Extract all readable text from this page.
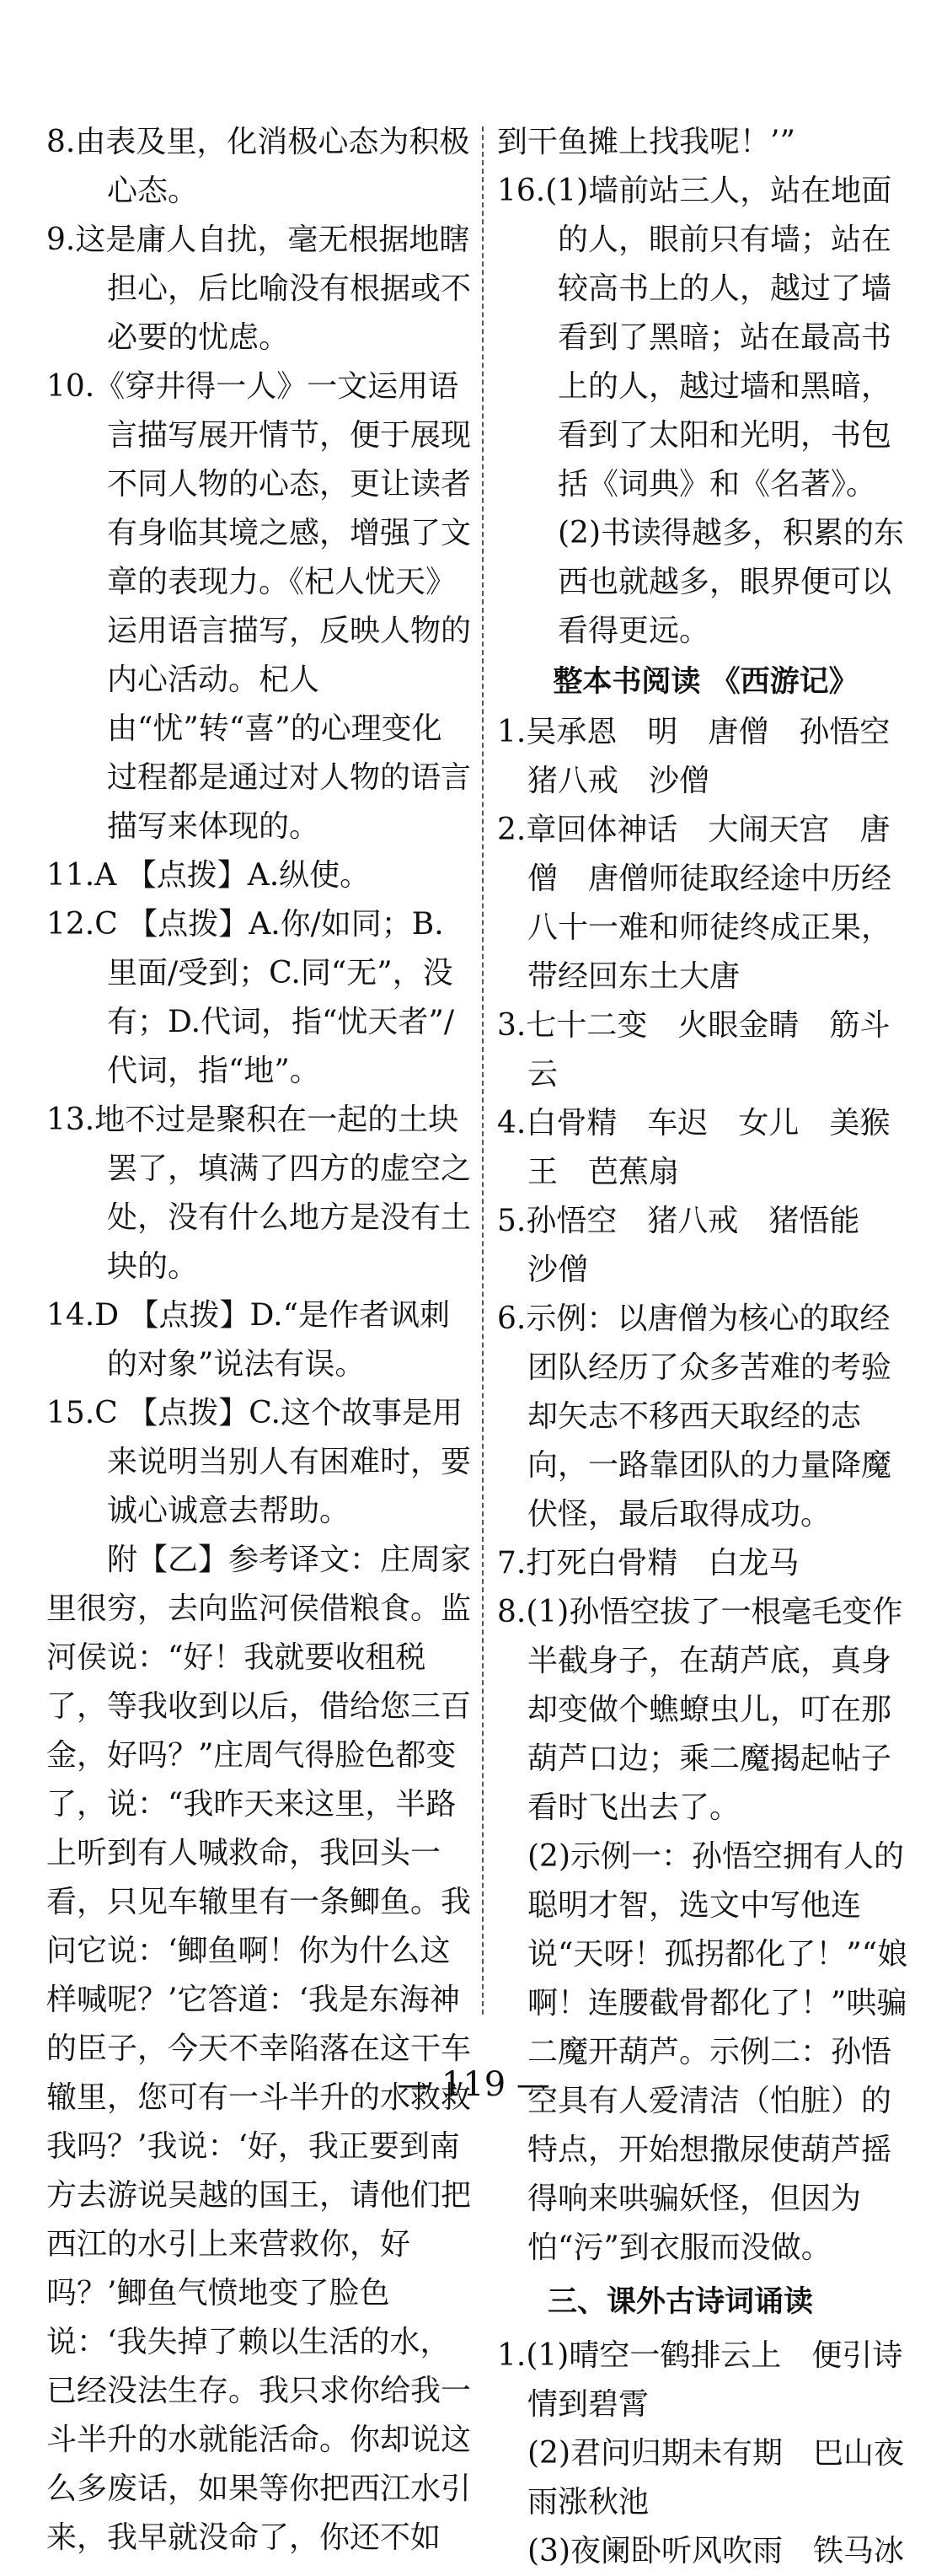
8.由表及里，化消极心态为积极心态。

9.这是庸人自扰，毫无根据地瞎担心，后比喻没有根据或不必要的忧虑。

10.《穿井得一人》一文运用语言描写展开情节，便于展现不同人物的心态，更让读者有身临其境之感，增强了文章的表现力。《杞人忧天》运用语言描写，反映人物的内心活动。杞人由“忧”转“喜”的心理变化过程都是通过对人物的语言描写来体现的。

11.A 【点拨】A.纵使。

12.C 【点拨】A.你/如同；B.里面/受到；C.同“无”，没有；D.代词，指“忧天者”/代词，指“地”。

13.地不过是聚积在一起的土块罢了，填满了四方的虚空之处，没有什么地方是没有土块的。

14.D 【点拨】D.“是作者讽刺的对象”说法有误。

15.C 【点拨】C.这个故事是用来说明当别人有困难时，要诚心诚意去帮助。

附【乙】参考译文：庄周家里很穷，去向监河侯借粮食。监河侯说：“好！我就要收租税了，等我收到以后，借给您三百金，好吗？”庄周气得脸色都变了，说：“我昨天来这里，半路上听到有人喊救命，我回头一看，只见车辙里有一条鲫鱼。我问它说：‘鲫鱼啊！你为什么这样喊呢？’它答道：‘我是东海神的臣子，今天不幸陷落在这干车辙里，您可有一斗半升的水救救我吗？’我说：‘好，我正要到南方去游说吴越的国王，请他们把西江的水引上来营救你，好吗？’鲫鱼气愤地变了脸色说：‘我失掉了赖以生活的水，已经没法生存。我只求你给我一斗半升的水就能活命。你却说这么多废话，如果等你把西江水引来，我早就没命了，你还不如

到干鱼摊上找我呢！’”

16.(1)墙前站三人，站在地面的人，眼前只有墙；站在较高书上的人，越过了墙看到了黑暗；站在最高书上的人，越过墙和黑暗，看到了太阳和光明，书包括《词典》和《名著》。

(2)书读得越多，积累的东西也就越多，眼界便可以看得更远。

整本书阅读 《西游记》

1.吴承恩　明　唐僧　孙悟空　猪八戒　沙僧

2.章回体神话　大闹天宫　唐僧　唐僧师徒取经途中历经八十一难和师徒终成正果，带经回东土大唐

3.七十二变　火眼金睛　筋斗云

4.白骨精　车迟　女儿　美猴王　芭蕉扇

5.孙悟空　猪八戒　猪悟能　沙僧

6.示例：以唐僧为核心的取经团队经历了众多苦难的考验却矢志不移西天取经的志向，一路靠团队的力量降魔伏怪，最后取得成功。

7.打死白骨精　白龙马

8.(1)孙悟空拔了一根毫毛变作半截身子，在葫芦底，真身却变做个蟭蟟虫儿，叮在那葫芦口边；乘二魔揭起帖子看时飞出去了。

(2)示例一：孙悟空拥有人的聪明才智，选文中写他连说“天呀！孤拐都化了！”“娘啊！连腰截骨都化了！”哄骗二魔开葫芦。示例二：孙悟空具有人爱清洁（怕脏）的特点，开始想撒尿使葫芦摇得响来哄骗妖怪，但因为怕“污”到衣服而没做。

三、课外古诗词诵读

1.(1)晴空一鹤排云上　便引诗情到碧霄

(2)君问归期未有期　巴山夜雨涨秋池

(3)夜阑卧听风吹雨　铁马冰

— 119 —
